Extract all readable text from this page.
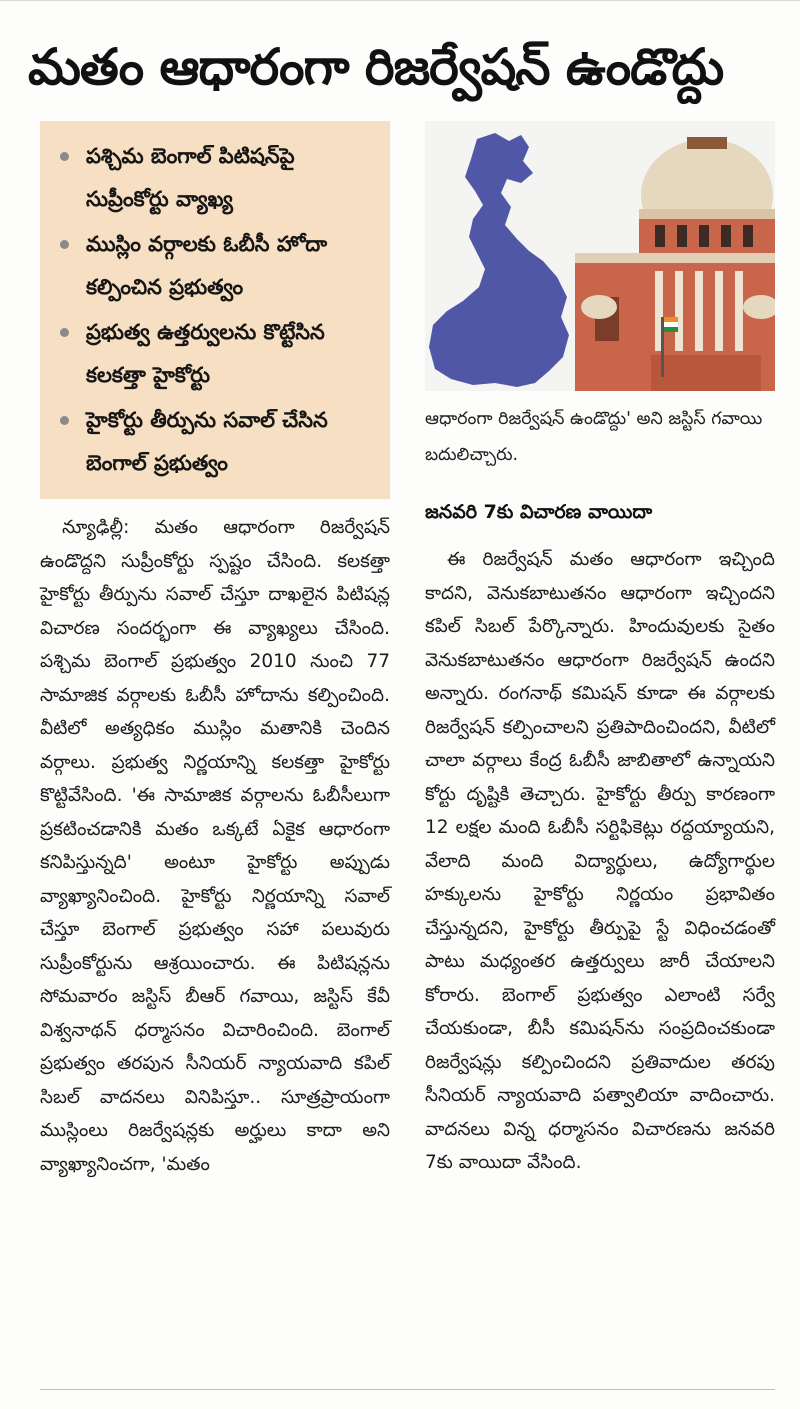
మతం ఆధారంగా రిజర్వేషన్ ఉండొద్దు
పశ్చిమ బెంగాల్ పిటిషన్‌పై సుప్రీంకోర్టు వ్యాఖ్య
ముస్లిం వర్గాలకు ఓబీసీ హోదా కల్పించిన ప్రభుత్వం
ప్రభుత్వ ఉత్తర్వులను కొట్టేసిన కలకత్తా హైకోర్టు
హైకోర్టు తీర్పును సవాల్ చేసిన బెంగాల్ ప్రభుత్వం
ఆధారంగా రిజర్వేషన్ ఉండొద్దు' అని జస్టిస్ గవాయి బదులిచ్చారు.
జనవరి 7కు విచారణ వాయిదా
న్యూఢిల్లీ: మతం ఆధారంగా రిజర్వేషన్ ఉండొద్దని సుప్రీంకోర్టు స్పష్టం చేసింది. కలకత్తా హైకోర్టు తీర్పును సవాల్ చేస్తూ దాఖలైన పిటిషన్ల విచారణ సందర్భంగా ఈ వ్యాఖ్యలు చేసింది. పశ్చిమ బెంగాల్ ప్రభుత్వం 2010 నుంచి 77 సామాజిక వర్గాలకు ఓబీసీ హోదాను కల్పించింది. వీటిలో అత్యధికం ముస్లిం మతానికి చెందిన వర్గాలు. ప్రభుత్వ నిర్ణయాన్ని కలకత్తా హైకోర్టు కొట్టివేసింది. 'ఈ సామాజిక వర్గాలను ఓబీసీలుగా ప్రకటించడానికి మతం ఒక్కటే ఏకైక ఆధారంగా కనిపిస్తున్నది' అంటూ హైకోర్టు అప్పుడు వ్యాఖ్యానించింది. హైకోర్టు నిర్ణయాన్ని సవాల్ చేస్తూ బెంగాల్ ప్రభుత్వం సహా పలువురు సుప్రీంకోర్టును ఆశ్రయించారు. ఈ పిటిషన్లను సోమవారం జస్టిస్ బీఆర్ గవాయి, జస్టిస్ కేవీ విశ్వనాథన్ ధర్మాసనం విచారించింది. బెంగాల్ ప్రభుత్వం తరపున సీనియర్ న్యాయవాది కపిల్ సిబల్ వాదనలు వినిపిస్తూ.. సూత్రప్రాయంగా ముస్లింలు రిజర్వేషన్లకు అర్హులు కాదా అని వ్యాఖ్యానించగా, 'మతం
ఈ రిజర్వేషన్ మతం ఆధారంగా ఇచ్చింది కాదని, వెనుకబాటుతనం ఆధారంగా ఇచ్చిందని కపిల్ సిబల్ పేర్కొన్నారు. హిందువులకు సైతం వెనుకబాటుతనం ఆధారంగా రిజర్వేషన్ ఉందని అన్నారు. రంగనాథ్ కమిషన్ కూడా ఈ వర్గాలకు రిజర్వేషన్ కల్పించాలని ప్రతిపాదించిందని, వీటిలో చాలా వర్గాలు కేంద్ర ఓబీసీ జాబితాలో ఉన్నాయని కోర్టు దృష్టికి తెచ్చారు. హైకోర్టు తీర్పు కారణంగా 12 లక్షల మంది ఓబీసీ సర్టిఫికెట్లు రద్దయ్యాయని, వేలాది మంది విద్యార్థులు, ఉద్యోగార్థుల హక్కులను హైకోర్టు నిర్ణయం ప్రభావితం చేస్తున్నదని, హైకోర్టు తీర్పుపై స్టే విధించడంతో పాటు మధ్యంతర ఉత్తర్వులు జారీ చేయాలని కోరారు. బెంగాల్ ప్రభుత్వం ఎలాంటి సర్వే చేయకుండా, బీసీ కమిషన్‌ను సంప్రదించకుండా రిజర్వేషన్లు కల్పించిందని ప్రతివాదుల తరపు సీనియర్ న్యాయవాది పత్వాలియా వాదించారు. వాదనలు విన్న ధర్మాసనం విచారణను జనవరి 7కు వాయిదా వేసింది.
